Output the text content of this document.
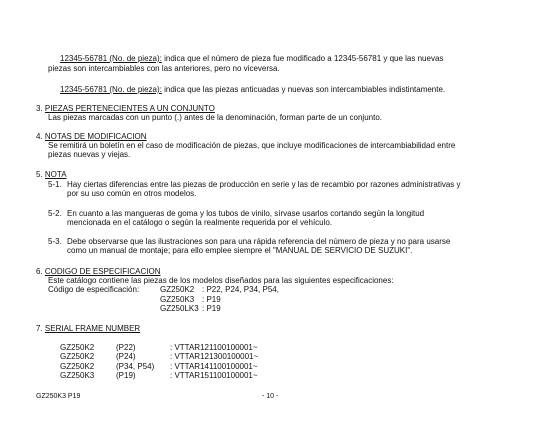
12345-56781 (No. de pieza): indica que el número de pieza fue modificado a 12345-56781 y que las nuevas
piezas son intercambiables con las anteriores, pero no viceversa.
12345-56781 (No. de pieza): indica que las piezas anticuadas y nuevas son intercambiables indistintamente.
3. PIEZAS PERTENECIENTES A UN CONJUNTO
Las piezas marcadas con un punto (.) antes de la denominación, forman parte de un conjunto.
4. NOTAS DE MODIFICACION
Se remitirá un boletín en el caso de modificación de piezas, que incluye modificaciones de intercambiabilidad entre
piezas nuevas y viejas.
5. NOTA
5-1. Hay ciertas diferencias entre las piezas de producción en serie y las de recambio por razones administrativas y
por su uso común en otros modelos.
5-2. En cuanto a las mangueras de goma y los tubos de vinilo, sírvase usarlos cortando según la longitud
mencionada en el catálogo o según la realmente requerida por el vehículo.
5-3. Debe observarse que las ilustraciones son para una rápida referencia del número de pieza y no para usarse
como un manual de montaje; para ello emplee siempre el "MANUAL DE SERVICIO DE SUZUKI".
6. CODIGO DE ESPECIFICACION
Este catálogo contiene las piezas de los modelos diseñados para las siguientes especificaciones:
Código de especificación:	GZ250K2 : P22, P24, P34, P54,
GZ250K3 : P19
GZ250LK3 : P19
7. SERIAL FRAME NUMBER
GZ250K2	(P22)	: VTTAR121100100001~
GZ250K2	(P24)	: VTTAR121300100001~
GZ250K2	(P34, P54) : VTTAR141100100001~
GZ250K3	(P19)	: VTTAR151100100001~
GZ250K3 P19	- 10 -
